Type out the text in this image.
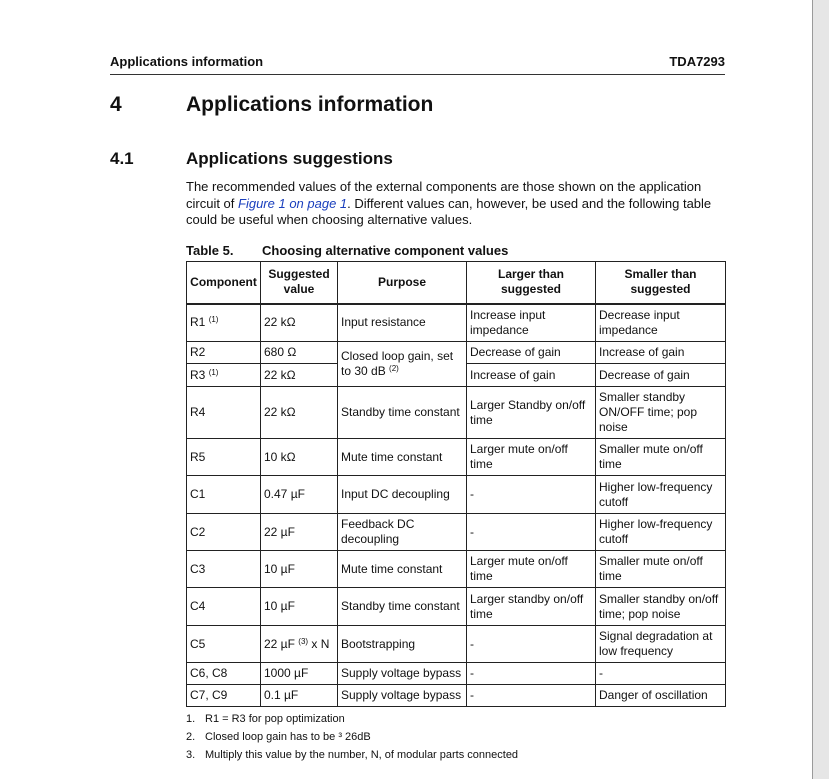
Applications information	TDA7293
4	Applications information
4.1	Applications suggestions
The recommended values of the external components are those shown on the application circuit of Figure 1 on page 1. Different values can, however, be used and the following table could be useful when choosing alternative values.
Table 5. Choosing alternative component values
Component	Suggested value	Purpose	Larger than suggested	Smaller than suggested
R1 $^{(1)}$	22 kΩ	Input resistance	Increase input impedance	Decrease input impedance
R2	680 Ω	Closed loop gain, set to 30 dB $^{(2)}$	Decrease of gain	Increase of gain
R3 $^{(1)}$	22 kΩ		Increase of gain	Decrease of gain
R4	22 kΩ	Standby time constant	Larger Standby on/off time	Smaller standby ON/OFF time; pop noise
R5	10 kΩ	Mute time constant	Larger mute on/off time	Smaller mute on/off time
C1	0.47 µF	Input DC decoupling	-	Higher low-frequency cutoff
C2	22 µF	Feedback DC decoupling	-	Higher low-frequency cutoff
C3	10 µF	Mute time constant	Larger mute on/off time	Smaller mute on/off time
C4	10 µF	Standby time constant	Larger standby on/off time	Smaller standby on/off time; pop noise
C5	22 µF $^{(3)}$ x N	Bootstrapping	-	Signal degradation at low frequency
C6, C8	1000 µF	Supply voltage bypass	-	-
C7, C9	0.1 µF	Supply voltage bypass	-	Danger of oscillation
1. R1 = R3 for pop optimization
2. Closed loop gain has to be ³ 26dB
3. Multiply this value by the number, N, of modular parts connected
